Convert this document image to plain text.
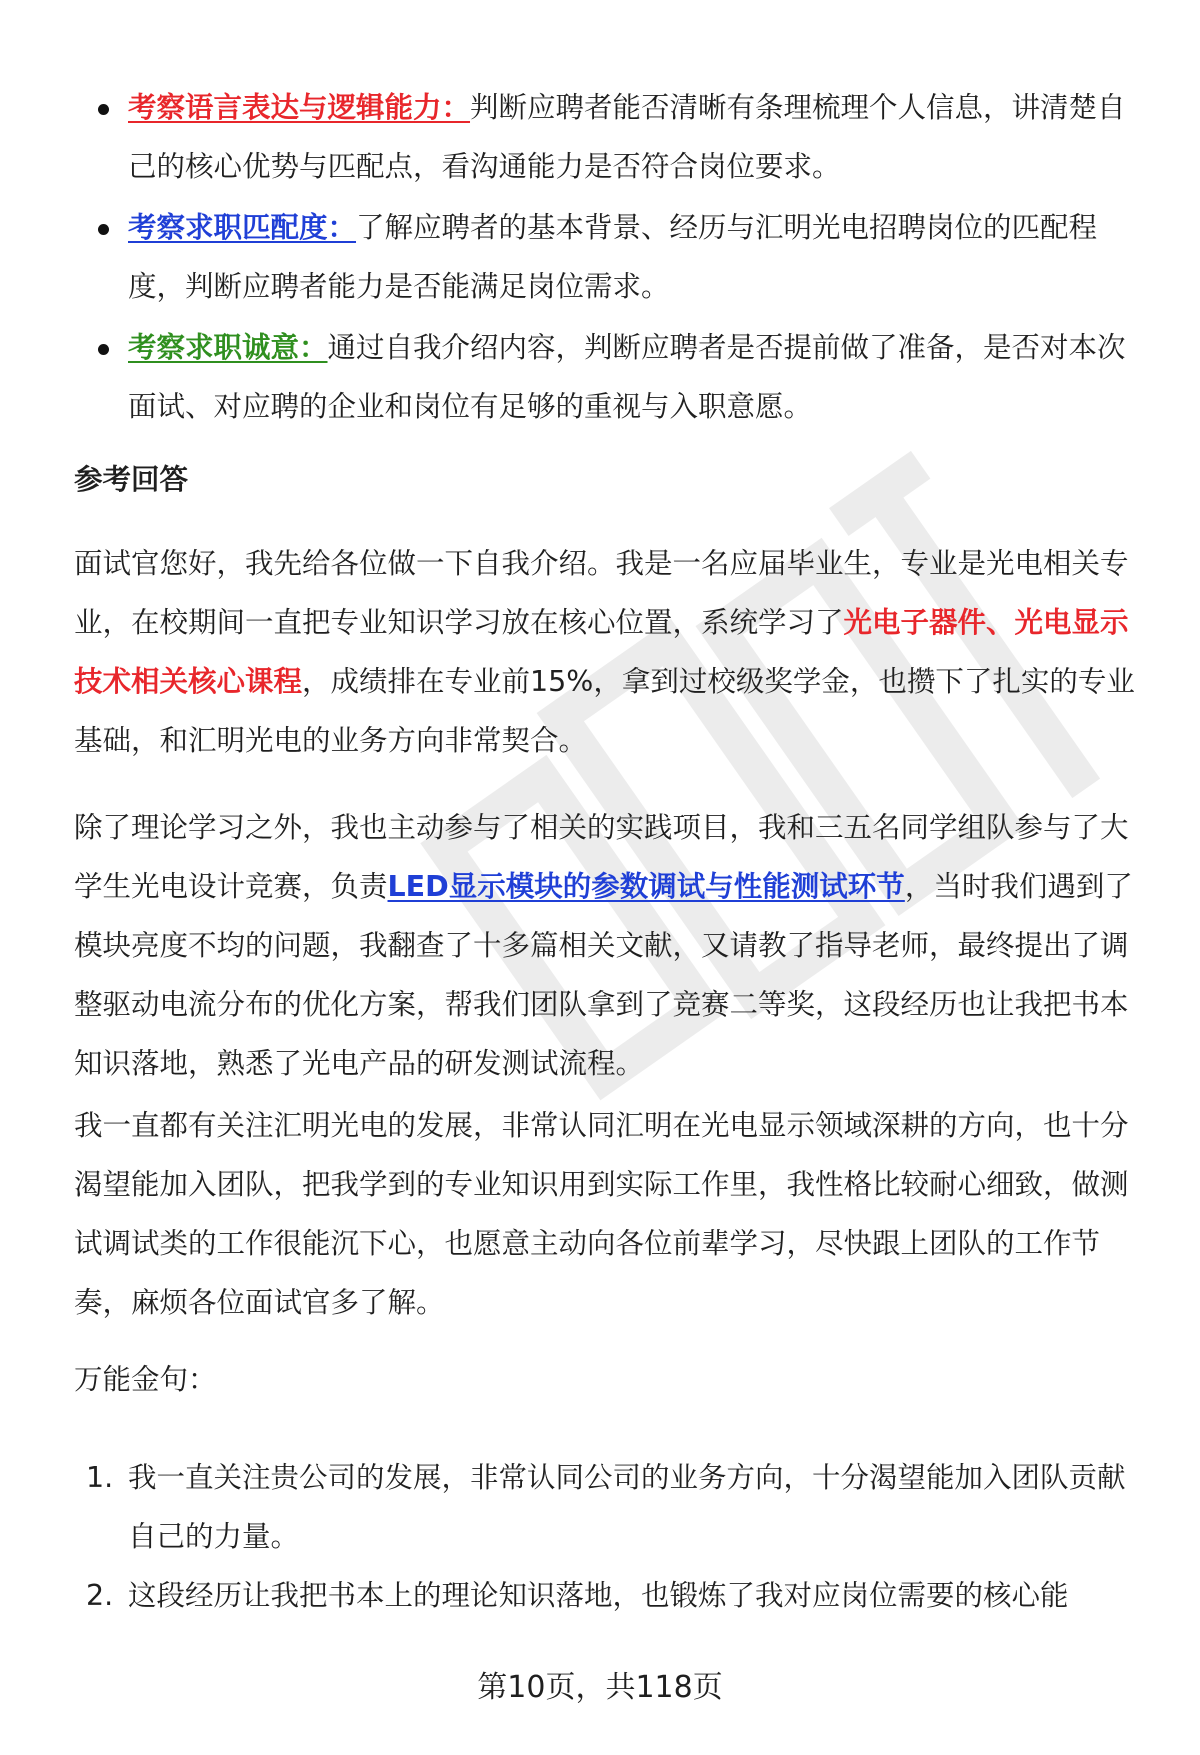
考察语言表达与逻辑能力：判断应聘者能否清晰有条理梳理个人信息，讲清楚自己的核心优势与匹配点，看沟通能力是否符合岗位要求。
考察求职匹配度：了解应聘者的基本背景、经历与汇明光电招聘岗位的匹配程度，判断应聘者能力是否能满足岗位需求。
考察求职诚意：通过自我介绍内容，判断应聘者是否提前做了准备，是否对本次面试、对应聘的企业和岗位有足够的重视与入职意愿。
参考回答

面试官您好，我先给各位做一下自我介绍。我是一名应届毕业生，专业是光电相关专业，在校期间一直把专业知识学习放在核心位置，系统学习了光电子器件、光电显示技术相关核心课程，成绩排在专业前15%，拿到过校级奖学金，也攒下了扎实的专业基础，和汇明光电的业务方向非常契合。

除了理论学习之外，我也主动参与了相关的实践项目，我和三五名同学组队参与了大学生光电设计竞赛，负责LED显示模块的参数调试与性能测试环节，当时我们遇到了模块亮度不均的问题，我翻查了十多篇相关文献，又请教了指导老师，最终提出了调整驱动电流分布的优化方案，帮我们团队拿到了竞赛二等奖，这段经历也让我把书本知识落地，熟悉了光电产品的研发测试流程。

我一直都有关注汇明光电的发展，非常认同汇明在光电显示领域深耕的方向，也十分渴望能加入团队，把我学到的专业知识用到实际工作里，我性格比较耐心细致，做测试调试类的工作很能沉下心，也愿意主动向各位前辈学习，尽快跟上团队的工作节奏，麻烦各位面试官多了解。

万能金句：
1. 我一直关注贵公司的发展，非常认同公司的业务方向，十分渴望能加入团队贡献自己的力量。
2. 这段经历让我把书本上的理论知识落地，也锻炼了我对应岗位需要的核心能
第10页，共118页
